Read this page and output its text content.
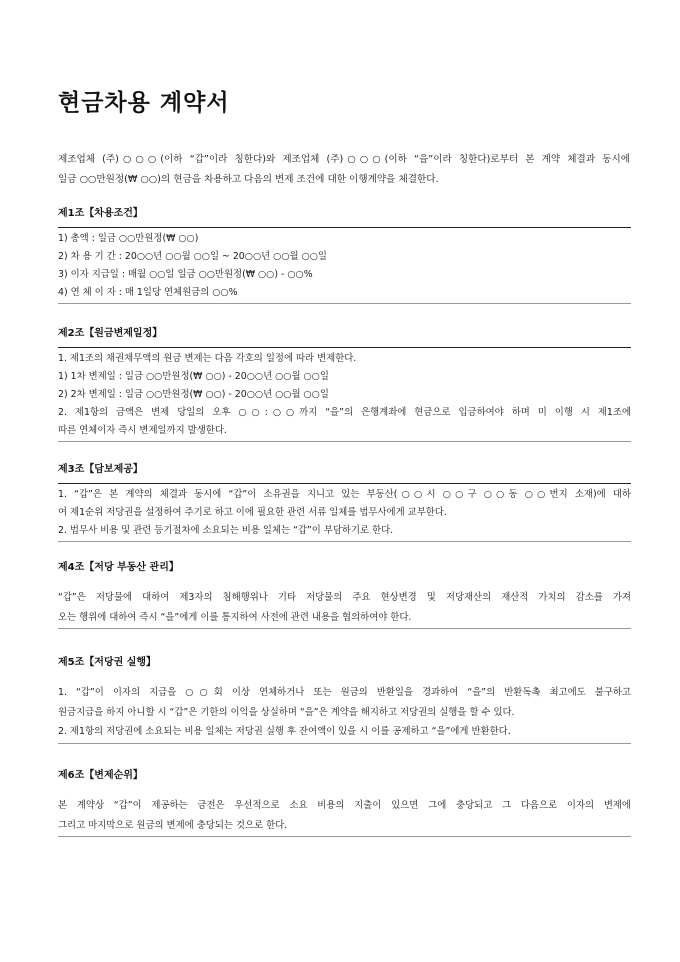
현금차용 계약서
제조업체 (주)○○○(이하 “갑”이라 칭한다)와 제조업체 (주)○○○(이하 “을”이라 칭한다)로부터 본 계약 체결과 동시에
일금 ○○만원정(₩ ○○)의 현금을 차용하고 다음의 변제 조건에 대한 이행계약을 체결한다.
제1조【차용조건】
1) 총액 : 일금 ○○만원정(₩ ○○)
2) 차 용 기 간 : 20○○년 ○○월 ○○일 ~ 20○○년 ○○월 ○○일
3) 이자 지급일 : 매월 ○○일 일금 ○○만원정(₩ ○○) - ○○%
4) 연 체 이 자 : 매 1일당 연체원금의 ○○%
제2조【원금변제일정】
1. 제1조의 채권채무액의 원금 변제는 다음 각호의 일정에 따라 변제한다.
1) 1차 변제일 : 일금 ○○만원정(₩ ○○) - 20○○년 ○○월 ○○일
2) 2차 변제일 : 일금 ○○만원정(₩ ○○) - 20○○년 ○○월 ○○일
2. 제1항의 금액은 변제 당일의 오후 ○○:○○까지 “을”의 은행계좌에 현금으로 입금하여야 하며 미 이행 시 제1조에
따른 연체이자 즉시 변제일까지 발생한다.
제3조【담보제공】
1. “갑”은 본 계약의 체결과 동시에 “갑”이 소유권을 지니고 있는 부동산(○○시 ○○구 ○○동 ○○번지 소재)에 대하
여 제1순위 저당권을 설정하여 주기로 하고 이에 필요한 관련 서류 일체를 법무사에게 교부한다.
2. 법무사 비용 및 관련 등기절차에 소요되는 비용 일체는 “갑”이 부담하기로 한다.
제4조【저당 부동산 관리】
“갑”은 저당물에 대하여 제3자의 침해행위나 기타 저당물의 주요 현상변경 및 저당재산의 재산적 가치의 감소를 가져
오는 행위에 대하여 즉시 “을”에게 이를 통지하여 사전에 관련 내용을 협의하여야 한다.
제5조【저당권 실행】
1. “갑”이 이자의 지급을 ○○회 이상 연체하거나 또는 원금의 반환일을 경과하여 “을”의 반환독촉 최고에도 불구하고
원금지급을 하지 아니할 시 “갑”은 기한의 이익을 상실하며 “을”은 계약을 해지하고 저당권의 실행을 할 수 있다.
2. 제1항의 저당권에 소요되는 비용 일체는 저당권 실행 후 잔여액이 있을 시 이를 공제하고 “을”에게 반환한다.
제6조【변제순위】
본 계약상 “갑”이 제공하는 금전은 우선적으로 소요 비용의 지출이 있으면 그에 충당되고 그 다음으로 이자의 변제에
그리고 마지막으로 원금의 변제에 충당되는 것으로 한다.
